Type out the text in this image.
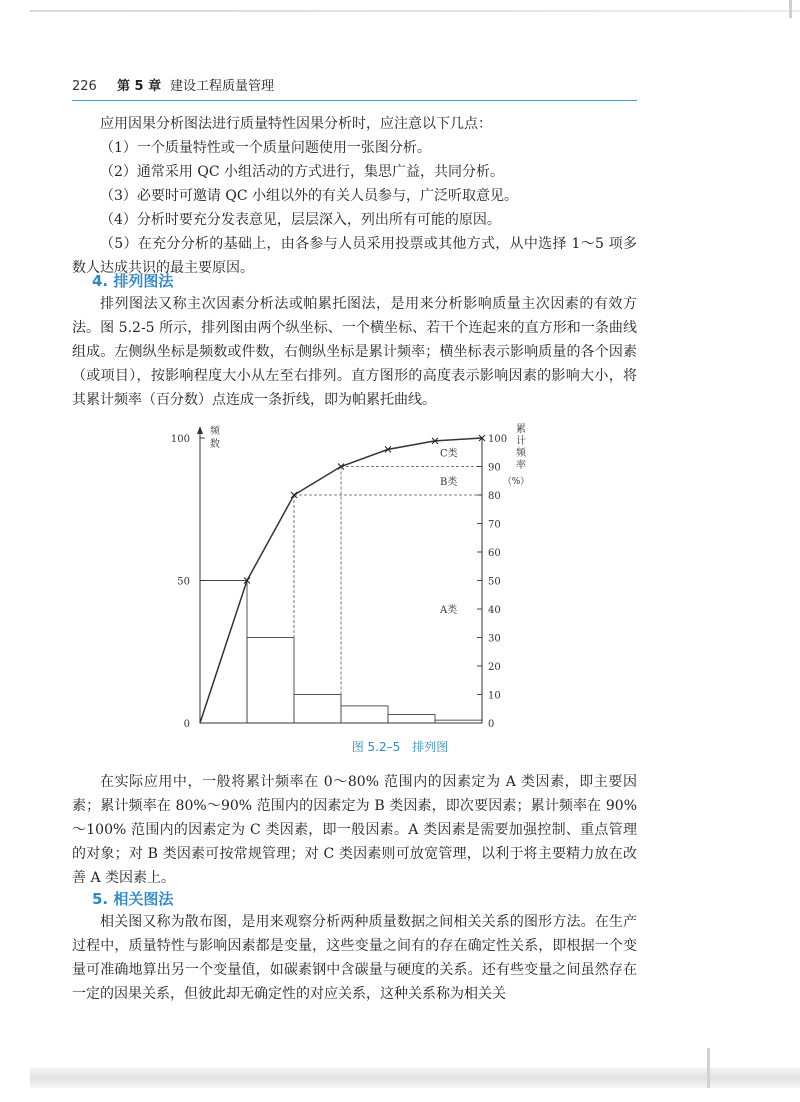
226 第 5 章 建设工程质量管理

应用因果分析图法进行质量特性因果分析时，应注意以下几点：

（1）一个质量特性或一个质量问题使用一张图分析。

（2）通常采用 QC 小组活动的方式进行，集思广益，共同分析。

（3）必要时可邀请 QC 小组以外的有关人员参与，广泛听取意见。

（4）分析时要充分发表意见，层层深入，列出所有可能的原因。

（5）在充分分析的基础上，由各参与人员采用投票或其他方式，从中选择 1～5 项多数人达成共识的最主要原因。

4. 排列图法

排列图法又称主次因素分析法或帕累托图法，是用来分析影响质量主次因素的有效方法。图 5.2-5 所示，排列图由两个纵坐标、一个横坐标、若干个连起来的直方形和一条曲线组成。左侧纵坐标是频数或件数，右侧纵坐标是累计频率；横坐标表示影响质量的各个因素（或项目），按影响程度大小从左至右排列。直方图形的高度表示影响因素的影响大小，将其累计频率（百分数）点连成一条折线，即为帕累托曲线。

0
50
100
0
10
20
30
40
50
60
70
80
90
100
频
数
累
计
频
率
（%）
A类
B类
C类
图 5.2–5 排列图

在实际应用中，一般将累计频率在 0～80% 范围内的因素定为 A 类因素，即主要因素；累计频率在 80%～90% 范围内的因素定为 B 类因素，即次要因素；累计频率在 90%～100% 范围内的因素定为 C 类因素，即一般因素。A 类因素是需要加强控制、重点管理的对象；对 B 类因素可按常规管理；对 C 类因素则可放宽管理，以利于将主要精力放在改善 A 类因素上。

5. 相关图法

相关图又称为散布图，是用来观察分析两种质量数据之间相关关系的图形方法。在生产过程中，质量特性与影响因素都是变量，这些变量之间有的存在确定性关系，即根据一个变量可准确地算出另一个变量值，如碳素钢中含碳量与硬度的关系。还有些变量之间虽然存在一定的因果关系，但彼此却无确定性的对应关系，这种关系称为相关关
